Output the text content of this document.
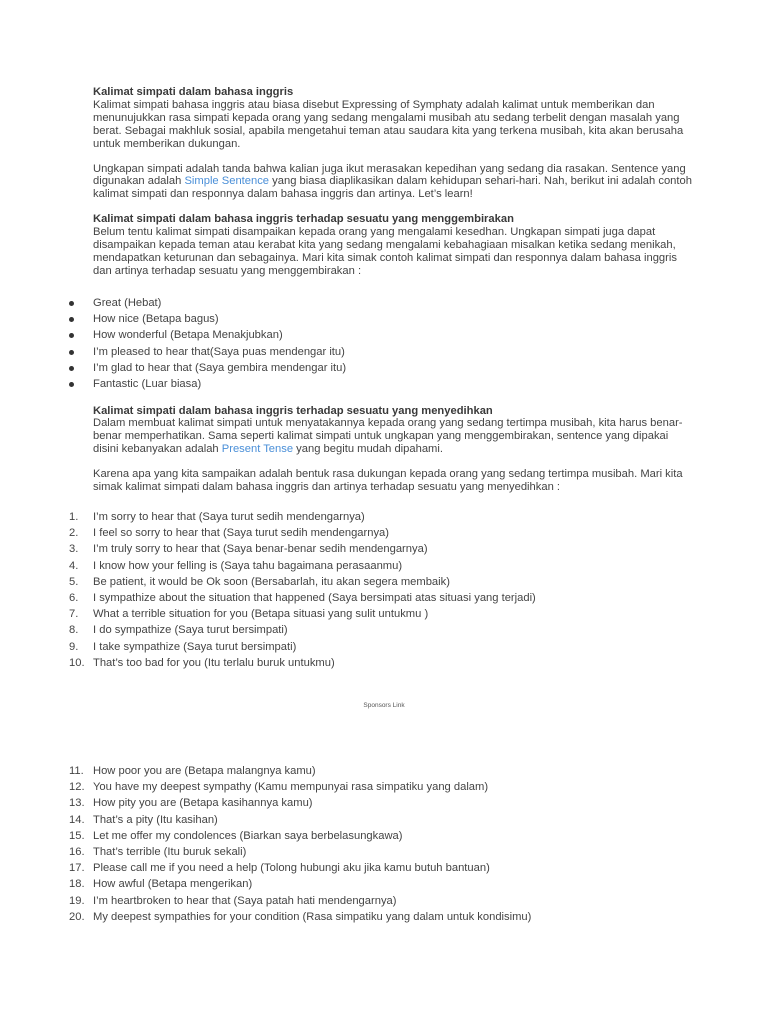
Kalimat simpati dalam bahasa inggris

Kalimat simpati bahasa inggris atau biasa disebut Expressing of Symphaty adalah kalimat untuk memberikan dan menunujukkan rasa simpati kepada orang yang sedang mengalami musibah atu sedang terbelit dengan masalah yang berat. Sebagai makhluk sosial, apabila mengetahui teman atau saudara kita yang terkena musibah, kita akan berusaha untuk memberikan dukungan.

Ungkapan simpati adalah tanda bahwa kalian juga ikut merasakan kepedihan yang sedang dia rasakan. Sentence yang digunakan adalah Simple Sentence yang biasa diaplikasikan dalam kehidupan sehari-hari. Nah, berikut ini adalah contoh kalimat simpati dan responnya dalam bahasa inggris dan artinya. Let’s learn!

Kalimat simpati dalam bahasa inggris terhadap sesuatu yang menggembirakan

Belum tentu kalimat simpati disampaikan kepada orang yang mengalami kesedhan. Ungkapan simpati juga dapat disampaikan kepada teman atau kerabat kita yang sedang mengalami kebahagiaan misalkan ketika sedang menikah, mendapatkan keturunan dan sebagainya. Mari kita simak contoh kalimat simpati dan responnya dalam bahasa inggris dan artinya terhadap sesuatu yang menggembirakan :

Great (Hebat)
How nice (Betapa bagus)
How wonderful (Betapa Menakjubkan)
I’m pleased to hear that(Saya puas mendengar itu)
I’m glad to hear that (Saya gembira mendengar itu)
Fantastic (Luar biasa)

Kalimat simpati dalam bahasa inggris terhadap sesuatu yang menyedihkan

Dalam membuat kalimat simpati untuk menyatakannya kepada orang yang sedang tertimpa musibah, kita harus benar-benar memperhatikan. Sama seperti kalimat simpati untuk ungkapan yang menggembirakan, sentence yang dipakai disini kebanyakan adalah Present Tense yang begitu mudah dipahami.

Karena apa yang kita sampaikan adalah bentuk rasa dukungan kepada orang yang sedang tertimpa musibah. Mari kita simak kalimat simpati dalam bahasa inggris dan artinya terhadap sesuatu yang menyedihkan :

1.	I’m sorry to hear that (Saya turut sedih mendengarnya)
2.	I feel so sorry to hear that (Saya turut sedih mendengarnya)
3.	I’m truly sorry to hear that (Saya benar-benar sedih mendengarnya)
4.	I know how your felling is (Saya tahu bagaimana perasaanmu)
5.	Be patient, it would be Ok soon (Bersabarlah, itu akan segera membaik)
6.	I sympathize about the situation that happened (Saya bersimpati atas situasi yang terjadi)
7.	What a terrible situation for you (Betapa situasi yang sulit untukmu )
8.	I do sympathize (Saya turut bersimpati)
9.	I take sympathize (Saya turut bersimpati)
10. That’s too bad for you (Itu terlalu buruk untukmu)
Sponsors Link
11. How poor you are (Betapa malangnya kamu)
12. You have my deepest sympathy (Kamu mempunyai rasa simpatiku yang dalam)
13. How pity you are (Betapa kasihannya kamu)
14. That’s a pity (Itu kasihan)
15. Let me offer my condolences (Biarkan saya berbelasungkawa)
16. That’s terrible (Itu buruk sekali)
17. Please call me if you need a help (Tolong hubungi aku jika kamu butuh bantuan)
18. How awful (Betapa mengerikan)
19. I’m heartbroken to hear that (Saya patah hati mendengarnya)
20. My deepest sympathies for your condition (Rasa simpatiku yang dalam untuk kondisimu)
